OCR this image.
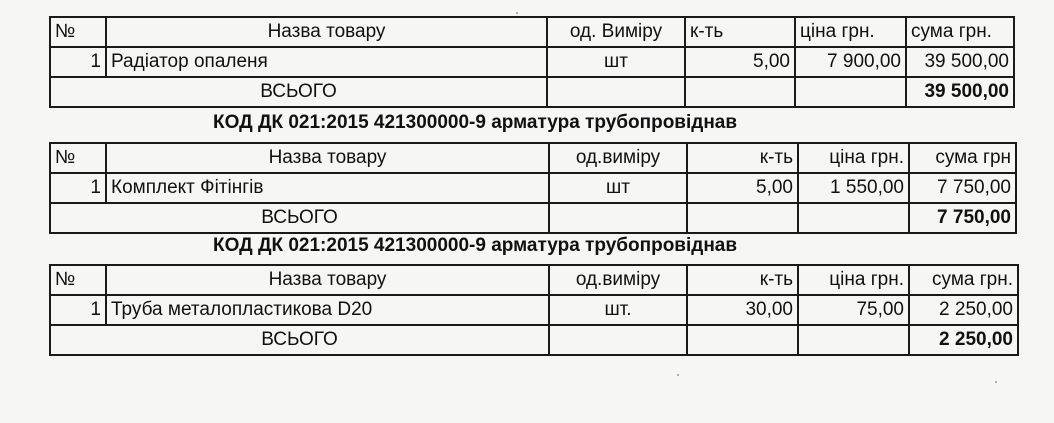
№	Назва товару	од. Виміру	к-ть	ціна грн.	сума грн.
1	Радіатор опаленя	шт	5,00	7 900,00	39 500,00
ВСЬОГО					39 500,00
КОД ДК 021:2015 421300000-9 арматура трубопровіднав
№	Назва товару	од.виміру	к-ть	ціна грн.	сума грн
1	Комплект Фітінгів	шт	5,00	1 550,00	7 750,00
ВСЬОГО					7 750,00
КОД ДК 021:2015 421300000-9 арматура трубопровіднав
№	Назва товару	од.виміру	к-ть	ціна грн.	сума грн.
1	Труба металопластикова D20	шт.	30,00	75,00	2 250,00
ВСЬОГО					2 250,00
